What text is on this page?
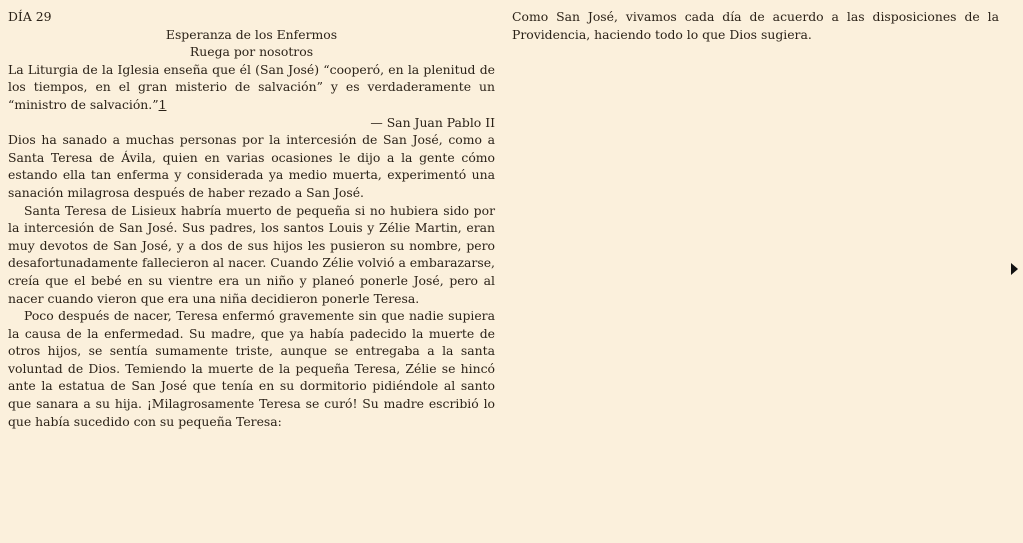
DÍA 29

Esperanza de los Enfermos

Ruega por nosotros

La Liturgia de la Iglesia enseña que él (San José) “cooperó, en la plenitud de los tiempos, en el gran misterio de salvación” y es verdaderamente un “ministro de salvación.”1

— San Juan Pablo II

Dios ha sanado a muchas personas por la intercesión de San José, como a Santa Teresa de Ávila, quien en varias ocasiones le dijo a la gente cómo estando ella tan enferma y considerada ya medio muerta, experimentó una sanación milagrosa después de haber rezado a San José.

Santa Teresa de Lisieux habría muerto de pequeña si no hubiera sido por la intercesión de San José. Sus padres, los santos Louis y Zélie Martin, eran muy devotos de San José, y a dos de sus hijos les pusieron su nombre, pero desafortunadamente fallecieron al nacer. Cuando Zélie volvió a embarazarse, creía que el bebé en su vientre era un niño y planeó ponerle José, pero al nacer cuando vieron que era una niña decidieron ponerle Teresa.

Poco después de nacer, Teresa enfermó gravemente sin que nadie supiera la causa de la enfermedad. Su madre, que ya había padecido la muerte de otros hijos, se sentía sumamente triste, aunque se entregaba a la santa voluntad de Dios. Temiendo la muerte de la pequeña Teresa, Zélie se hincó ante la estatua de San José que tenía en su dormitorio pidiéndole al santo que sanara a su hija. ¡Milagrosamente Teresa se curó! Su madre escribió lo que había sucedido con su pequeña Teresa:

Como San José, vivamos cada día de acuerdo a las disposiciones de la Providencia, haciendo todo lo que Dios sugiera.
